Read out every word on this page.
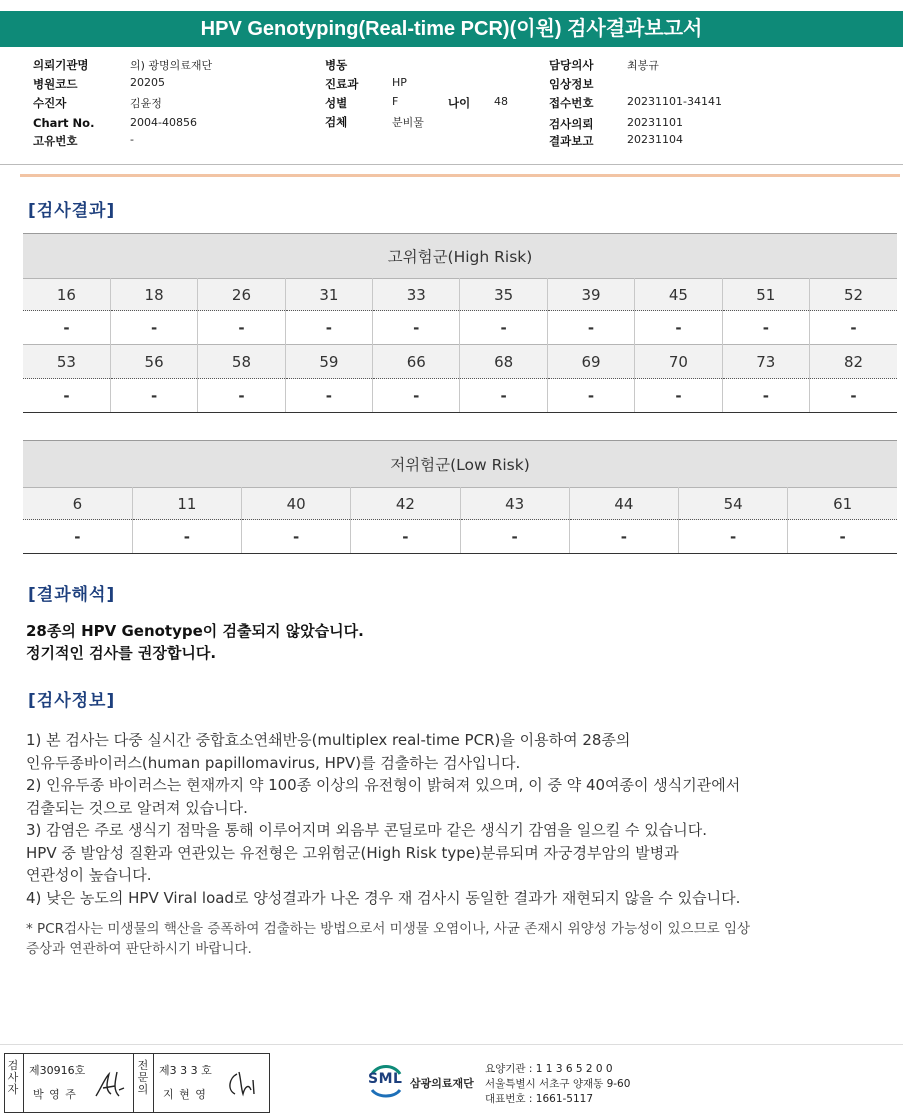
HPV Genotyping(Real-time PCR)(이원) 검사결과보고서
의뢰기관명	의) 광명의료재단
병원코드	20205
수진자	김윤정
Chart No.	2004-40856
고유번호	-
병동
진료과	HP
성별	F	나이 48
검체	분비물
담당의사	최봉규
임상정보
접수번호	20231101-34141
검사의뢰	20231101
결과보고	20231104
[검사결과]
고위험군(High Risk)									
16	18	26	31	33	35	39	45	51	52
-	-	-	-	-	-	-	-	-	-
53	56	58	59	66	68	69	70	73	82
-	-	-	-	-	-	-	-	-	-
저위험군(Low Risk)							
6	11	40	42	43	44	54	61
-	-	-	-	-	-	-	-
[결과해석]
28종의 HPV Genotype이 검출되지 않았습니다.
정기적인 검사를 권장합니다.
[검사정보]
1) 본 검사는 다중 실시간 중합효소연쇄반응(multiplex real-time PCR)을 이용하여 28종의
인유두종바이러스(human papillomavirus, HPV)를 검출하는 검사입니다.
2) 인유두종 바이러스는 현재까지 약 100종 이상의 유전형이 밝혀져 있으며, 이 중 약 40여종이 생식기관에서
검출되는 것으로 알려져 있습니다.
3) 감염은 주로 생식기 점막을 통해 이루어지며 외음부 콘딜로마 같은 생식기 감염을 일으킬 수 있습니다.
HPV 중 발암성 질환과 연관있는 유전형은 고위험군(High Risk type)분류되며 자궁경부암의 발병과
연관성이 높습니다.
4) 낮은 농도의 HPV Viral load로 양성결과가 나온 경우 재 검사시 동일한 결과가 재현되지 않을 수 있습니다.
* PCR검사는 미생물의 핵산을 증폭하여 검출하는 방법으로서 미생물 오염이나, 사균 존재시 위양성 가능성이 있으므로 임상
증상과 연관하여 판단하시기 바랍니다.
검사자
제30916호
박 영 주
전문의
제3 3 3 호
지 현 영
SML 삼광의료재단
요양기관 : 1 1 3 6 5 2 0 0
서울특별시 서초구 양재동 9-60
대표번호 : 1661-5117
